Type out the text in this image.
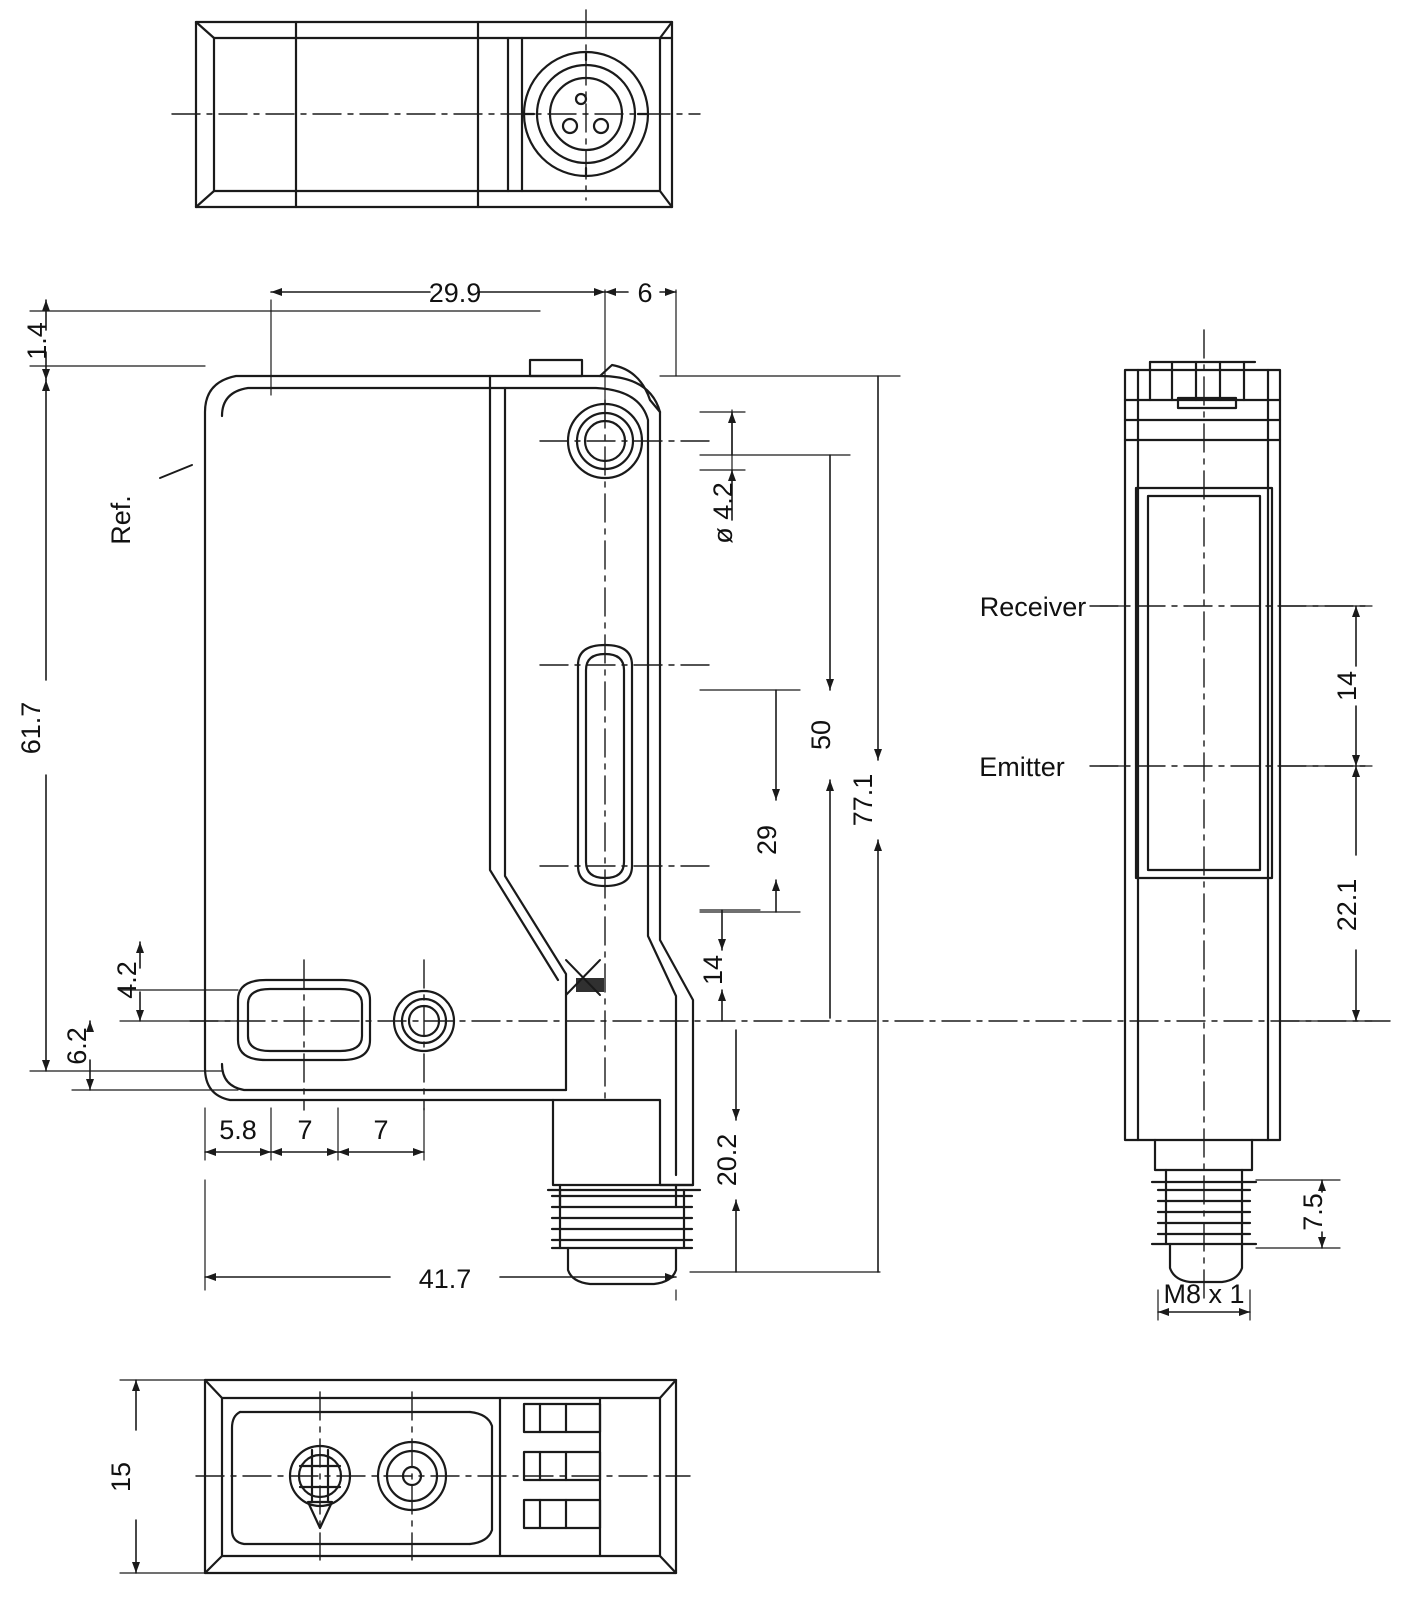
29.9	6
1.4
61.7
4.2
6.2
5.8 7 7
41.7
ø 4.2
14
29
50
20.2
77.1
Ref.
Receiver
Emitter
14
22.1
7.5
M8 x 1
15
